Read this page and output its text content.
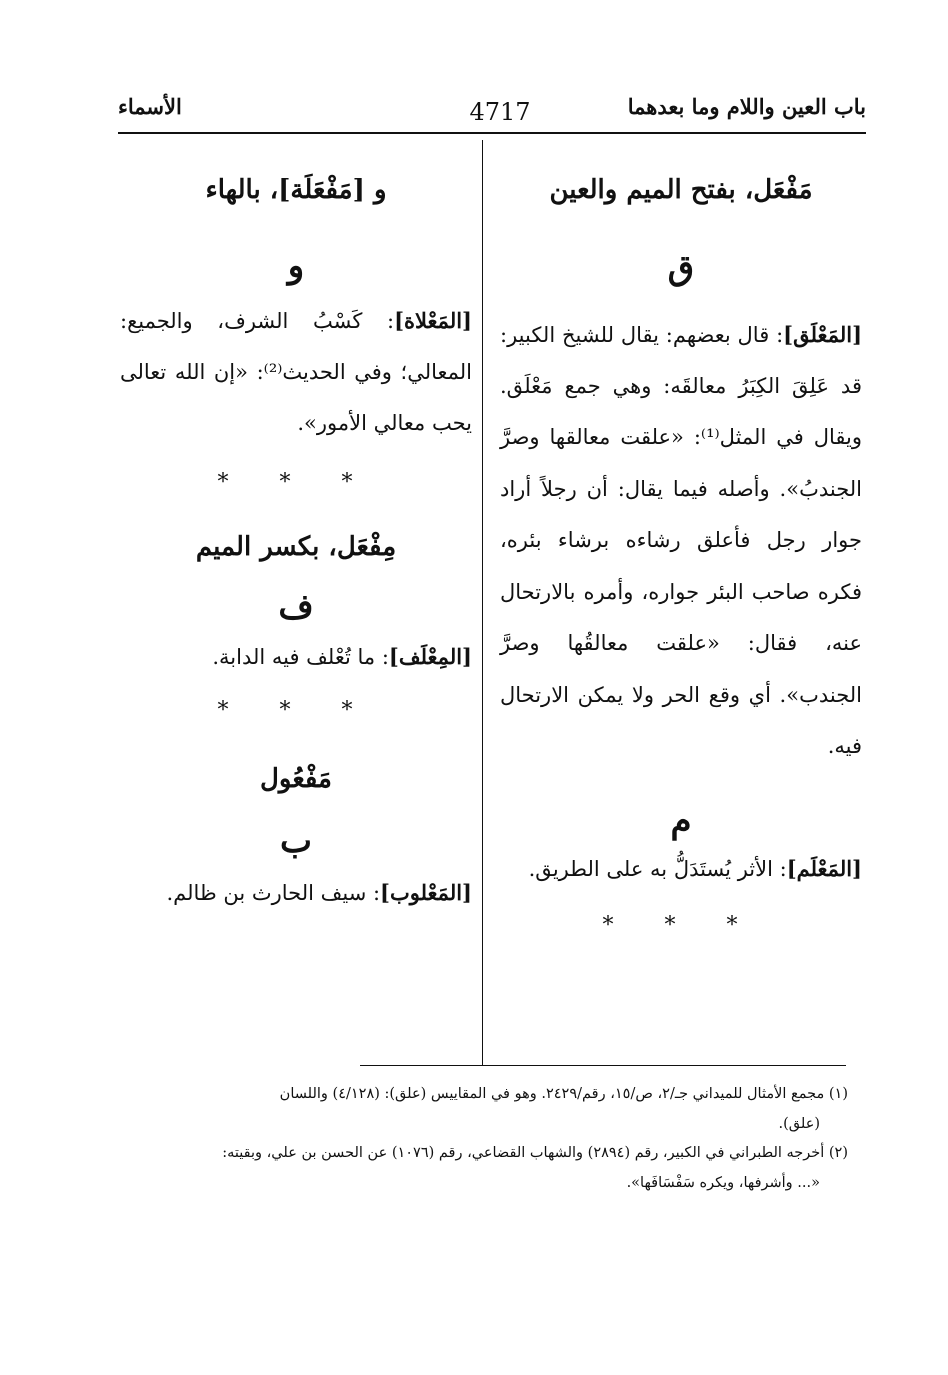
الأسماء	4717	باب العين واللام وما بعدهما
مَفْعَل، بفتح الميم والعين
ق
[المَعْلَق]: قال بعضهم: يقال للشيخ الكبير: قد عَلِقَ الكِبَرُ معالقَه: وهي جمع مَعْلَق. ويقال في المثل⁽¹⁾: «علقت معالقها وصرَّ الجندبُ». وأصله فيما يقال: أن رجلاً أراد جوار رجل فأعلق رشاءه برشاء بئره، فكره صاحب البئر جواره، وأمره بالارتحال عنه، فقال: «علقت معالقُها وصرَّ الجندب». أي وقع الحر ولا يمكن الارتحال فيه.
م
[المَعْلَم]: الأثر يُستَدَلُّ به على الطريق.
* * *
و [مَفْعَلَة]، بالهاء
و
[المَعْلاة]: كَسْبُ الشرف، والجميع: المعالي؛ وفي الحديث⁽²⁾: «إن الله تعالى يحب معالي الأمور».
* * *
مِفْعَل، بكسر الميم
ف
[المِعْلَف]: ما تُعْلف فيه الدابة.
* * *
مَفْعُول
ب
[المَعْلوب]: سيف الحارث بن ظالم.

(١) مجمع الأمثال للميداني جـ/٢، ص/١٥، رقم/٢٤٢٩. وهو في المقاييس (علق): (٤/١٢٨) واللسان

(علق).

(٢) أخرجه الطبراني في الكبير، رقم (٢٨٩٤) والشهاب القضاعي، رقم (١٠٧٦) عن الحسن بن علي، وبقيته:

«... وأشرفها، ويكره سَفْسَافَها».
